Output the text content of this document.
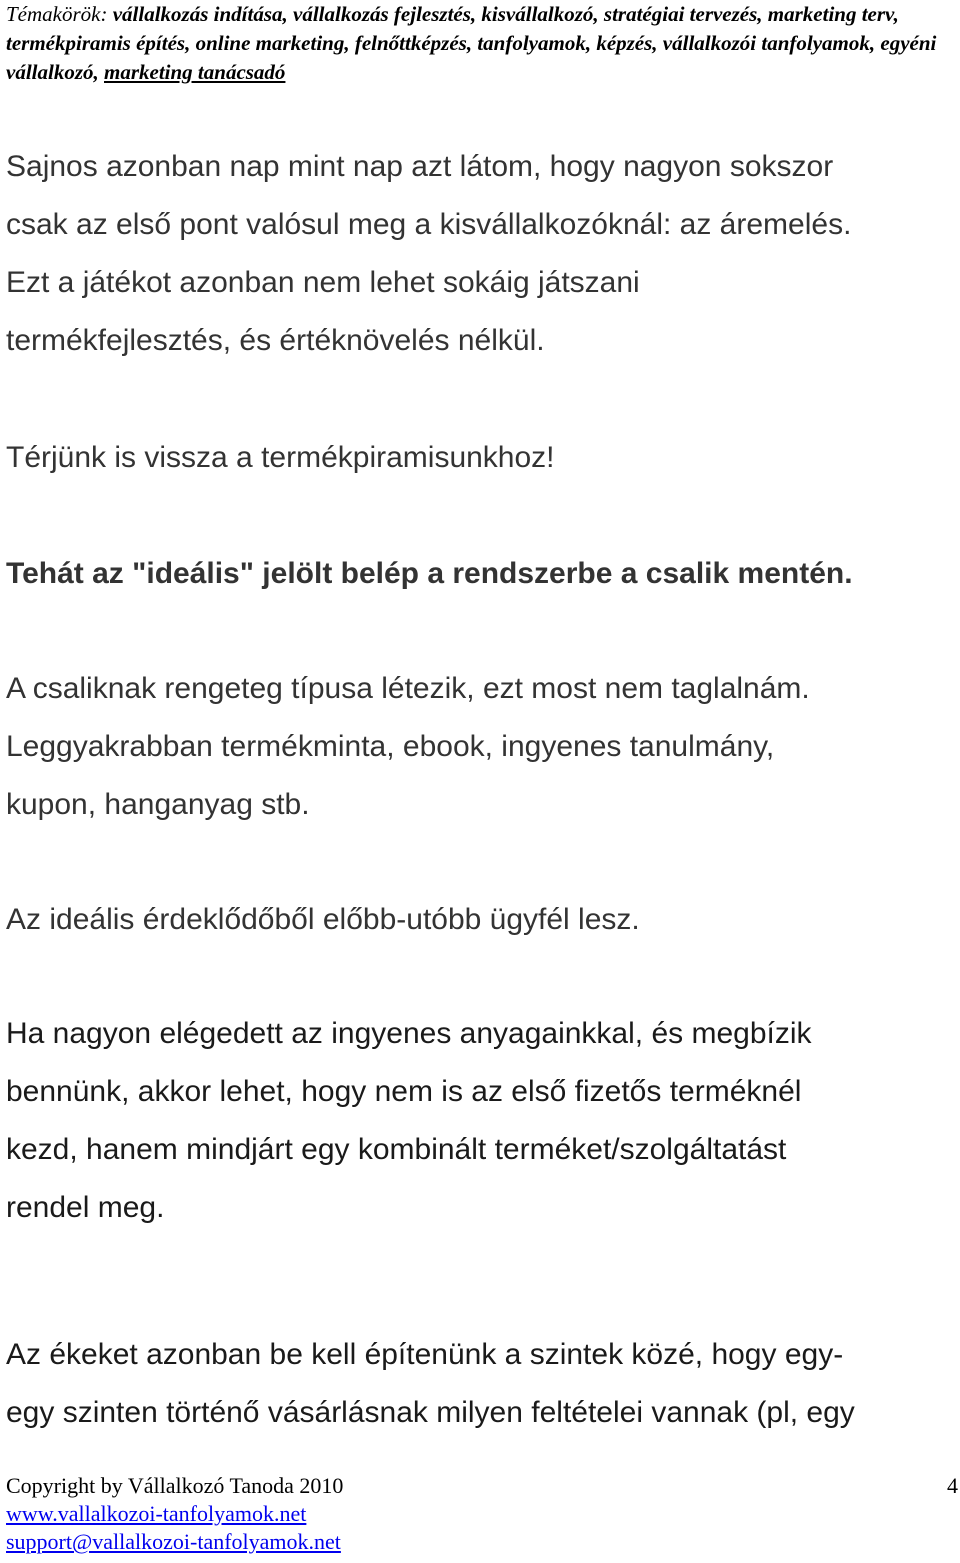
Témakörök: vállalkozás indítása, vállalkozás fejlesztés, kisvállalkozó, stratégiai tervezés, marketing terv, termékpiramis építés, online marketing, felnőttképzés, tanfolyamok, képzés, vállalkozói tanfolyamok, egyéni vállalkozó, marketing tanácsadó
Sajnos azonban nap mint nap azt látom, hogy nagyon sokszor
csak az első pont valósul meg a kisvállalkozóknál: az áremelés.
Ezt a játékot azonban nem lehet sokáig játszani
termékfejlesztés, és értéknövelés nélkül.
Térjünk is vissza a termékpiramisunkhoz!
Tehát az "ideális" jelölt belép a rendszerbe a csalik mentén.
A csaliknak rengeteg típusa létezik, ezt most nem taglalnám.
Leggyakrabban termékminta, ebook, ingyenes tanulmány,
kupon, hanganyag stb.
Az ideális érdeklődőből előbb-utóbb ügyfél lesz.
Ha nagyon elégedett az ingyenes anyagainkkal, és megbízik
bennünk, akkor lehet, hogy nem is az első fizetős terméknél
kezd, hanem mindjárt egy kombinált terméket/szolgáltatást
rendel meg.
Az ékeket azonban be kell építenünk a szintek közé, hogy egy-
egy szinten történő vásárlásnak milyen feltételei vannak (pl, egy
Copyright by Vállalkozó Tanoda 2010	4
www.vallalkozoi-tanfolyamok.net
support@vallalkozoi-tanfolyamok.net
